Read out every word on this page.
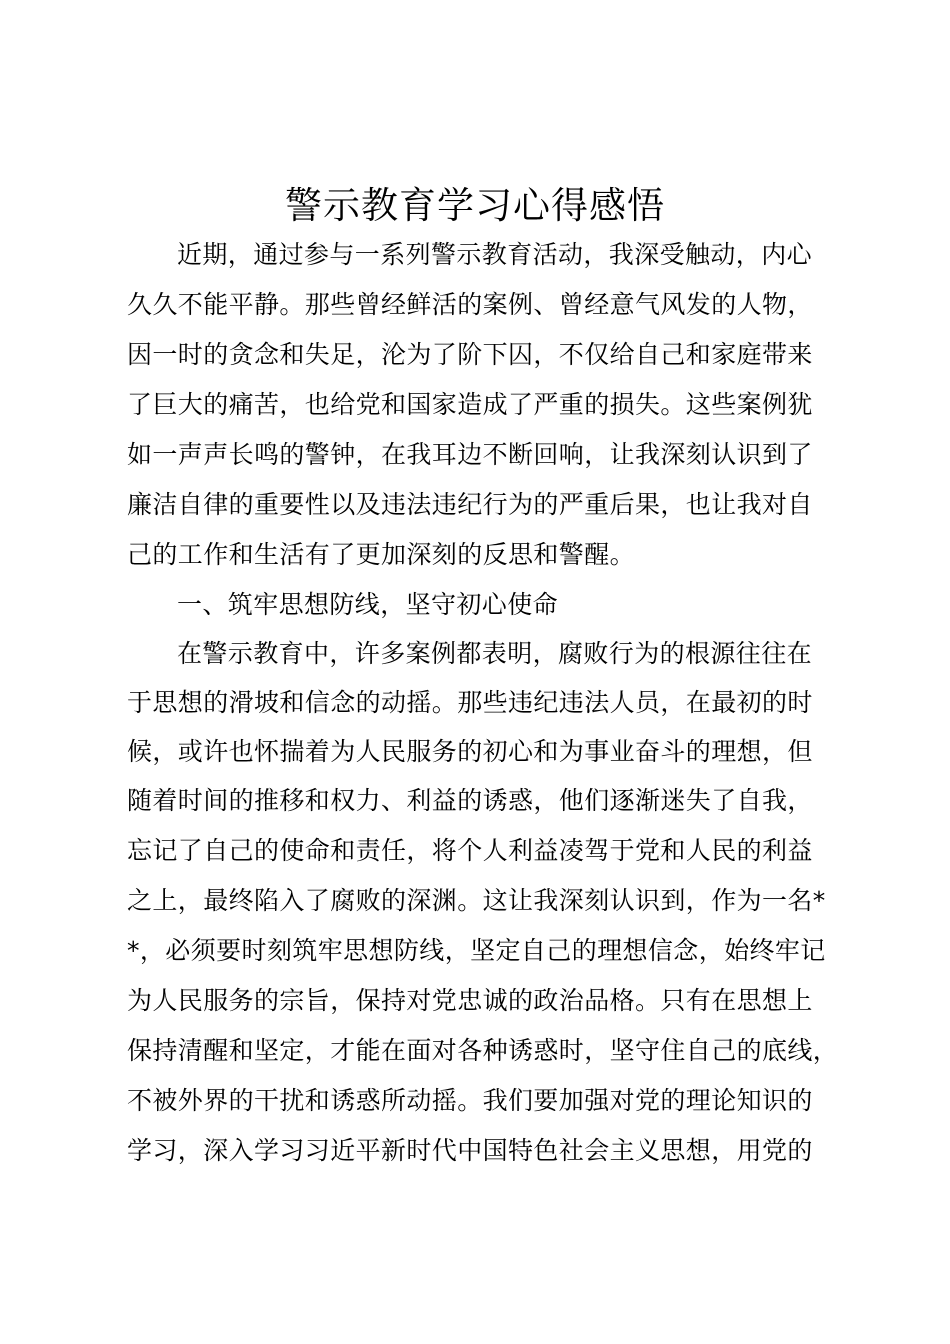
警示教育学习心得感悟
近期，通过参与一系列警示教育活动，我深受触动，内心
久久不能平静。那些曾经鲜活的案例、曾经意气风发的人物，
因一时的贪念和失足，沦为了阶下囚，不仅给自己和家庭带来
了巨大的痛苦，也给党和国家造成了严重的损失。这些案例犹
如一声声长鸣的警钟，在我耳边不断回响，让我深刻认识到了
廉洁自律的重要性以及违法违纪行为的严重后果，也让我对自
己的工作和生活有了更加深刻的反思和警醒。
一、筑牢思想防线，坚守初心使命
在警示教育中，许多案例都表明，腐败行为的根源往往在
于思想的滑坡和信念的动摇。那些违纪违法人员，在最初的时
候，或许也怀揣着为人民服务的初心和为事业奋斗的理想，但
随着时间的推移和权力、利益的诱惑，他们逐渐迷失了自我，
忘记了自己的使命和责任，将个人利益凌驾于党和人民的利益
之上，最终陷入了腐败的深渊。这让我深刻认识到，作为一名*
*，必须要时刻筑牢思想防线，坚定自己的理想信念，始终牢记
为人民服务的宗旨，保持对党忠诚的政治品格。只有在思想上
保持清醒和坚定，才能在面对各种诱惑时，坚守住自己的底线，
不被外界的干扰和诱惑所动摇。我们要加强对党的理论知识的
学习，深入学习习近平新时代中国特色社会主义思想，用党的
